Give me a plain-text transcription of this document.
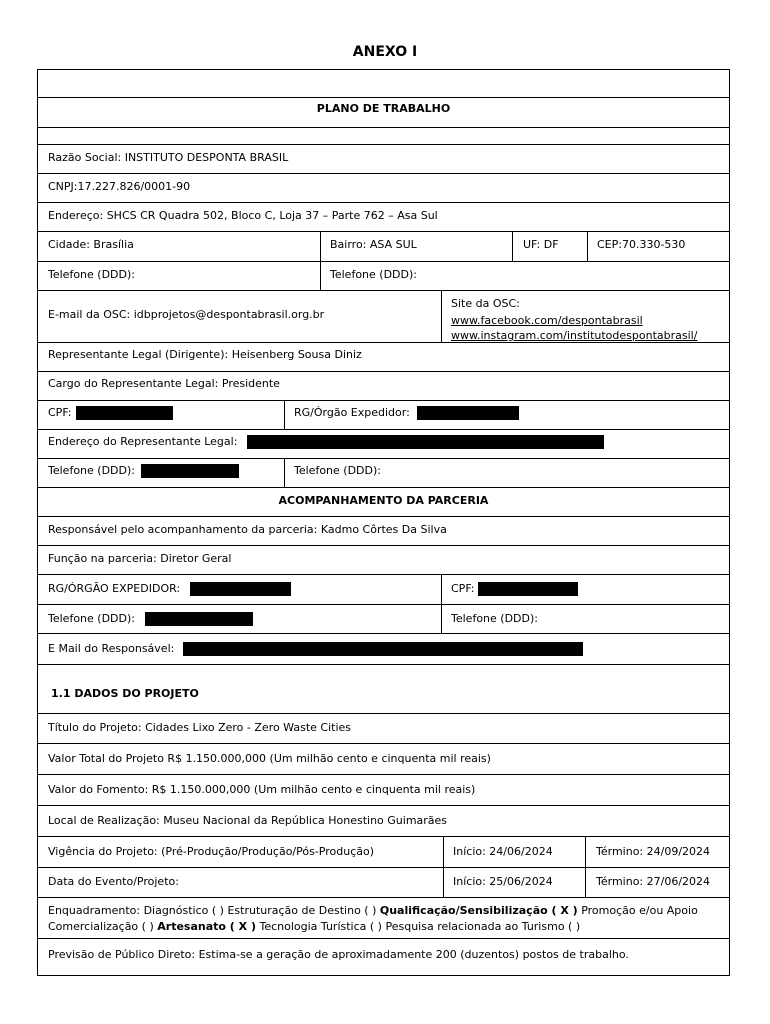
ANEXO I
PLANO DE TRABALHO
Razão Social: INSTITUTO DESPONTA BRASIL
CNPJ:17.227.826/0001-90
Endereço: SHCS CR Quadra 502, Bloco C, Loja 37 – Parte 762 – Asa Sul
Cidade: Brasília	Bairro: ASA SUL	UF: DF	CEP:70.330-530
Telefone (DDD):	Telefone (DDD):
E-mail da OSC: idbprojetos@despontabrasil.org.br
Site da OSC:
www.facebook.com/despontabrasil
www.instagram.com/institutodespontabrasil/
Representante Legal (Dirigente): Heisenberg Sousa Diniz
Cargo do Representante Legal: Presidente
CPF:	RG/Órgão Expedidor:
Endereço do Representante Legal:
Telefone (DDD):	Telefone (DDD):
ACOMPANHAMENTO DA PARCERIA
Responsável pelo acompanhamento da parceria: Kadmo Côrtes Da Silva
Função na parceria: Diretor Geral
RG/ÓRGÃO EXPEDIDOR:	CPF:
Telefone (DDD):	Telefone (DDD):
E Mail do Responsável:
1.1 DADOS DO PROJETO
Título do Projeto: Cidades Lixo Zero - Zero Waste Cities
Valor Total do Projeto R$ 1.150.000,000 (Um milhão cento e cinquenta mil reais)
Valor do Fomento: R$ 1.150.000,000 (Um milhão cento e cinquenta mil reais)
Local de Realização: Museu Nacional da República Honestino Guimarães
Vigência do Projeto: (Pré-Produção/Produção/Pós-Produção)	Início: 24/06/2024	Término: 24/09/2024
Data do Evento/Projeto:	Início: 25/06/2024	Término: 27/06/2024
Enquadramento: Diagnóstico ( ) Estruturação de Destino ( ) Qualificação/Sensibilização ( X ) Promoção e/ou Apoio
Comercialização ( ) Artesanato ( X ) Tecnologia Turística ( ) Pesquisa relacionada ao Turismo ( )
Previsão de Público Direto: Estima-se a geração de aproximadamente 200 (duzentos) postos de trabalho.
